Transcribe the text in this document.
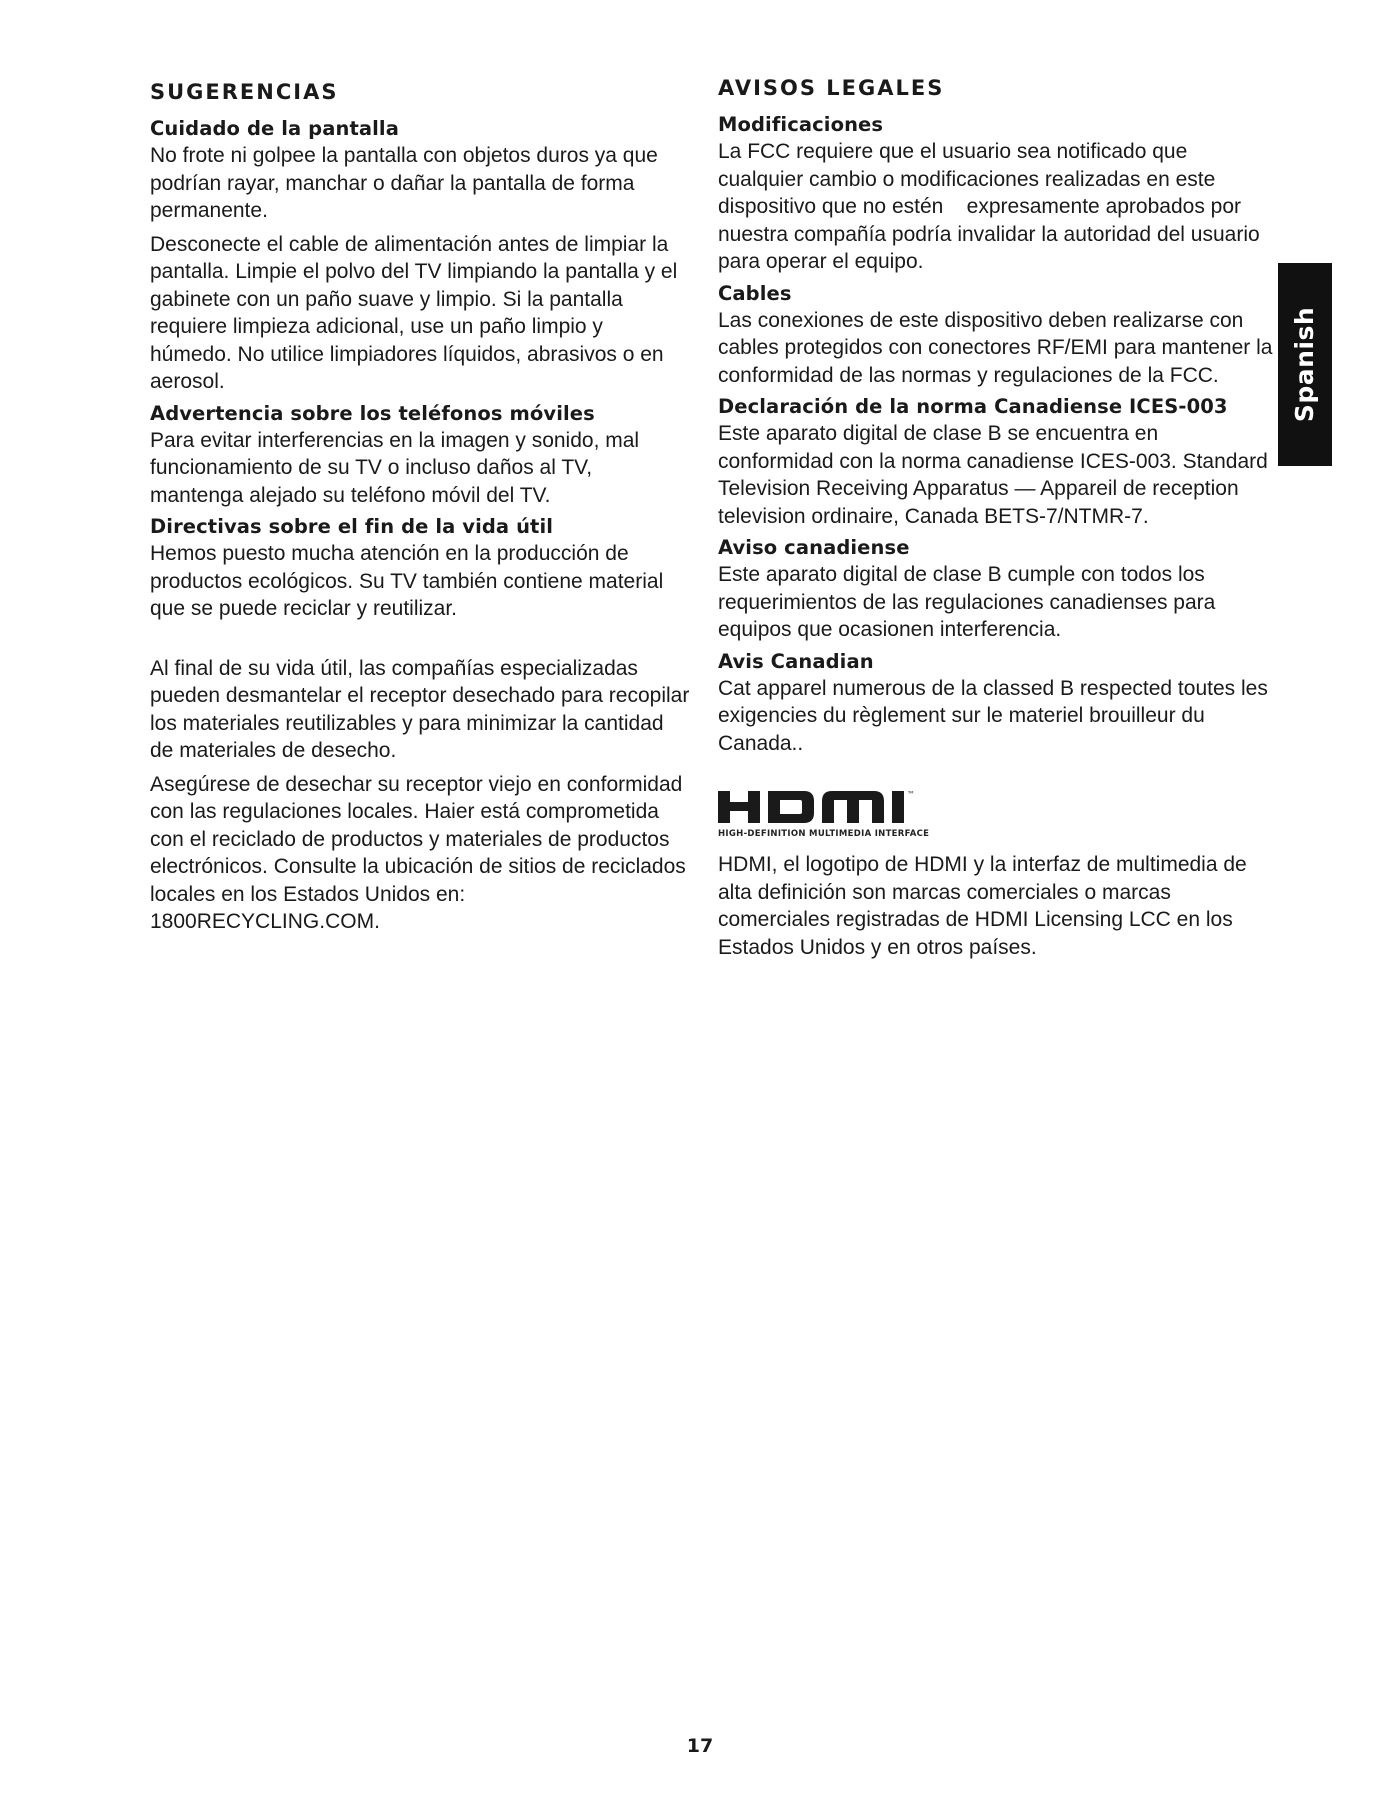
SUGERENCIAS
Cuidado de la pantalla

No frote ni golpee la pantalla con objetos duros ya que podrían rayar, manchar o dañar la pantalla de forma permanente.

Desconecte el cable de alimentación antes de limpiar la pantalla. Limpie el polvo del TV limpiando la pantalla y el gabinete con un paño suave y limpio. Si la pantalla requiere limpieza adicional, use un paño limpio y húmedo. No utilice limpiadores líquidos, abrasivos o en aerosol.

Advertencia sobre los teléfonos móviles

Para evitar interferencias en la imagen y sonido, mal funcionamiento de su TV o incluso daños al TV, mantenga alejado su teléfono móvil del TV.

Directivas sobre el fin de la vida útil

Hemos puesto mucha atención en la producción de productos ecológicos. Su TV también contiene material que se puede reciclar y reutilizar.

Al final de su vida útil, las compañías especializadas pueden desmantelar el receptor desechado para recopilar los materiales reutilizables y para minimizar la cantidad de materiales de desecho.

Asegúrese de desechar su receptor viejo en conformidad con las regulaciones locales. Haier está comprometida con el reciclado de productos y materiales de productos electrónicos. Consulte la ubicación de sitios de reciclados locales en los Estados Unidos en: 1800RECYCLING.COM.

AVISOS LEGALES
Modificaciones

La FCC requiere que el usuario sea notificado que cualquier cambio o modificaciones realizadas en este dispositivo que no estén    expresamente aprobados por nuestra compañía podría invalidar la autoridad del usuario para operar el equipo.

Cables

Las conexiones de este dispositivo deben realizarse con cables protegidos con conectores RF/EMI para mantener la conformidad de las normas y regulaciones de la FCC.

Declaración de la norma Canadiense ICES-003

Este aparato digital de clase B se encuentra en conformidad con la norma canadiense ICES-003. Standard Television Receiving Apparatus — Appareil de reception television ordinaire, Canada BETS-7/NTMR-7.

Aviso canadiense

Este aparato digital de clase B cumple con todos los requerimientos de las regulaciones canadienses para equipos que ocasionen interferencia.

Avis Canadian

Cat apparel numerous de la classed B respected toutes les exigencies du règlement sur le materiel brouilleur du Canada..

™
HIGH-DEFINITION MULTIMEDIA INTERFACE

HDMI, el logotipo de HDMI y la interfaz de multimedia de alta definición son marcas comerciales o marcas comerciales registradas de HDMI Licensing LCC en los Estados Unidos y en otros países.

Spanish
17
